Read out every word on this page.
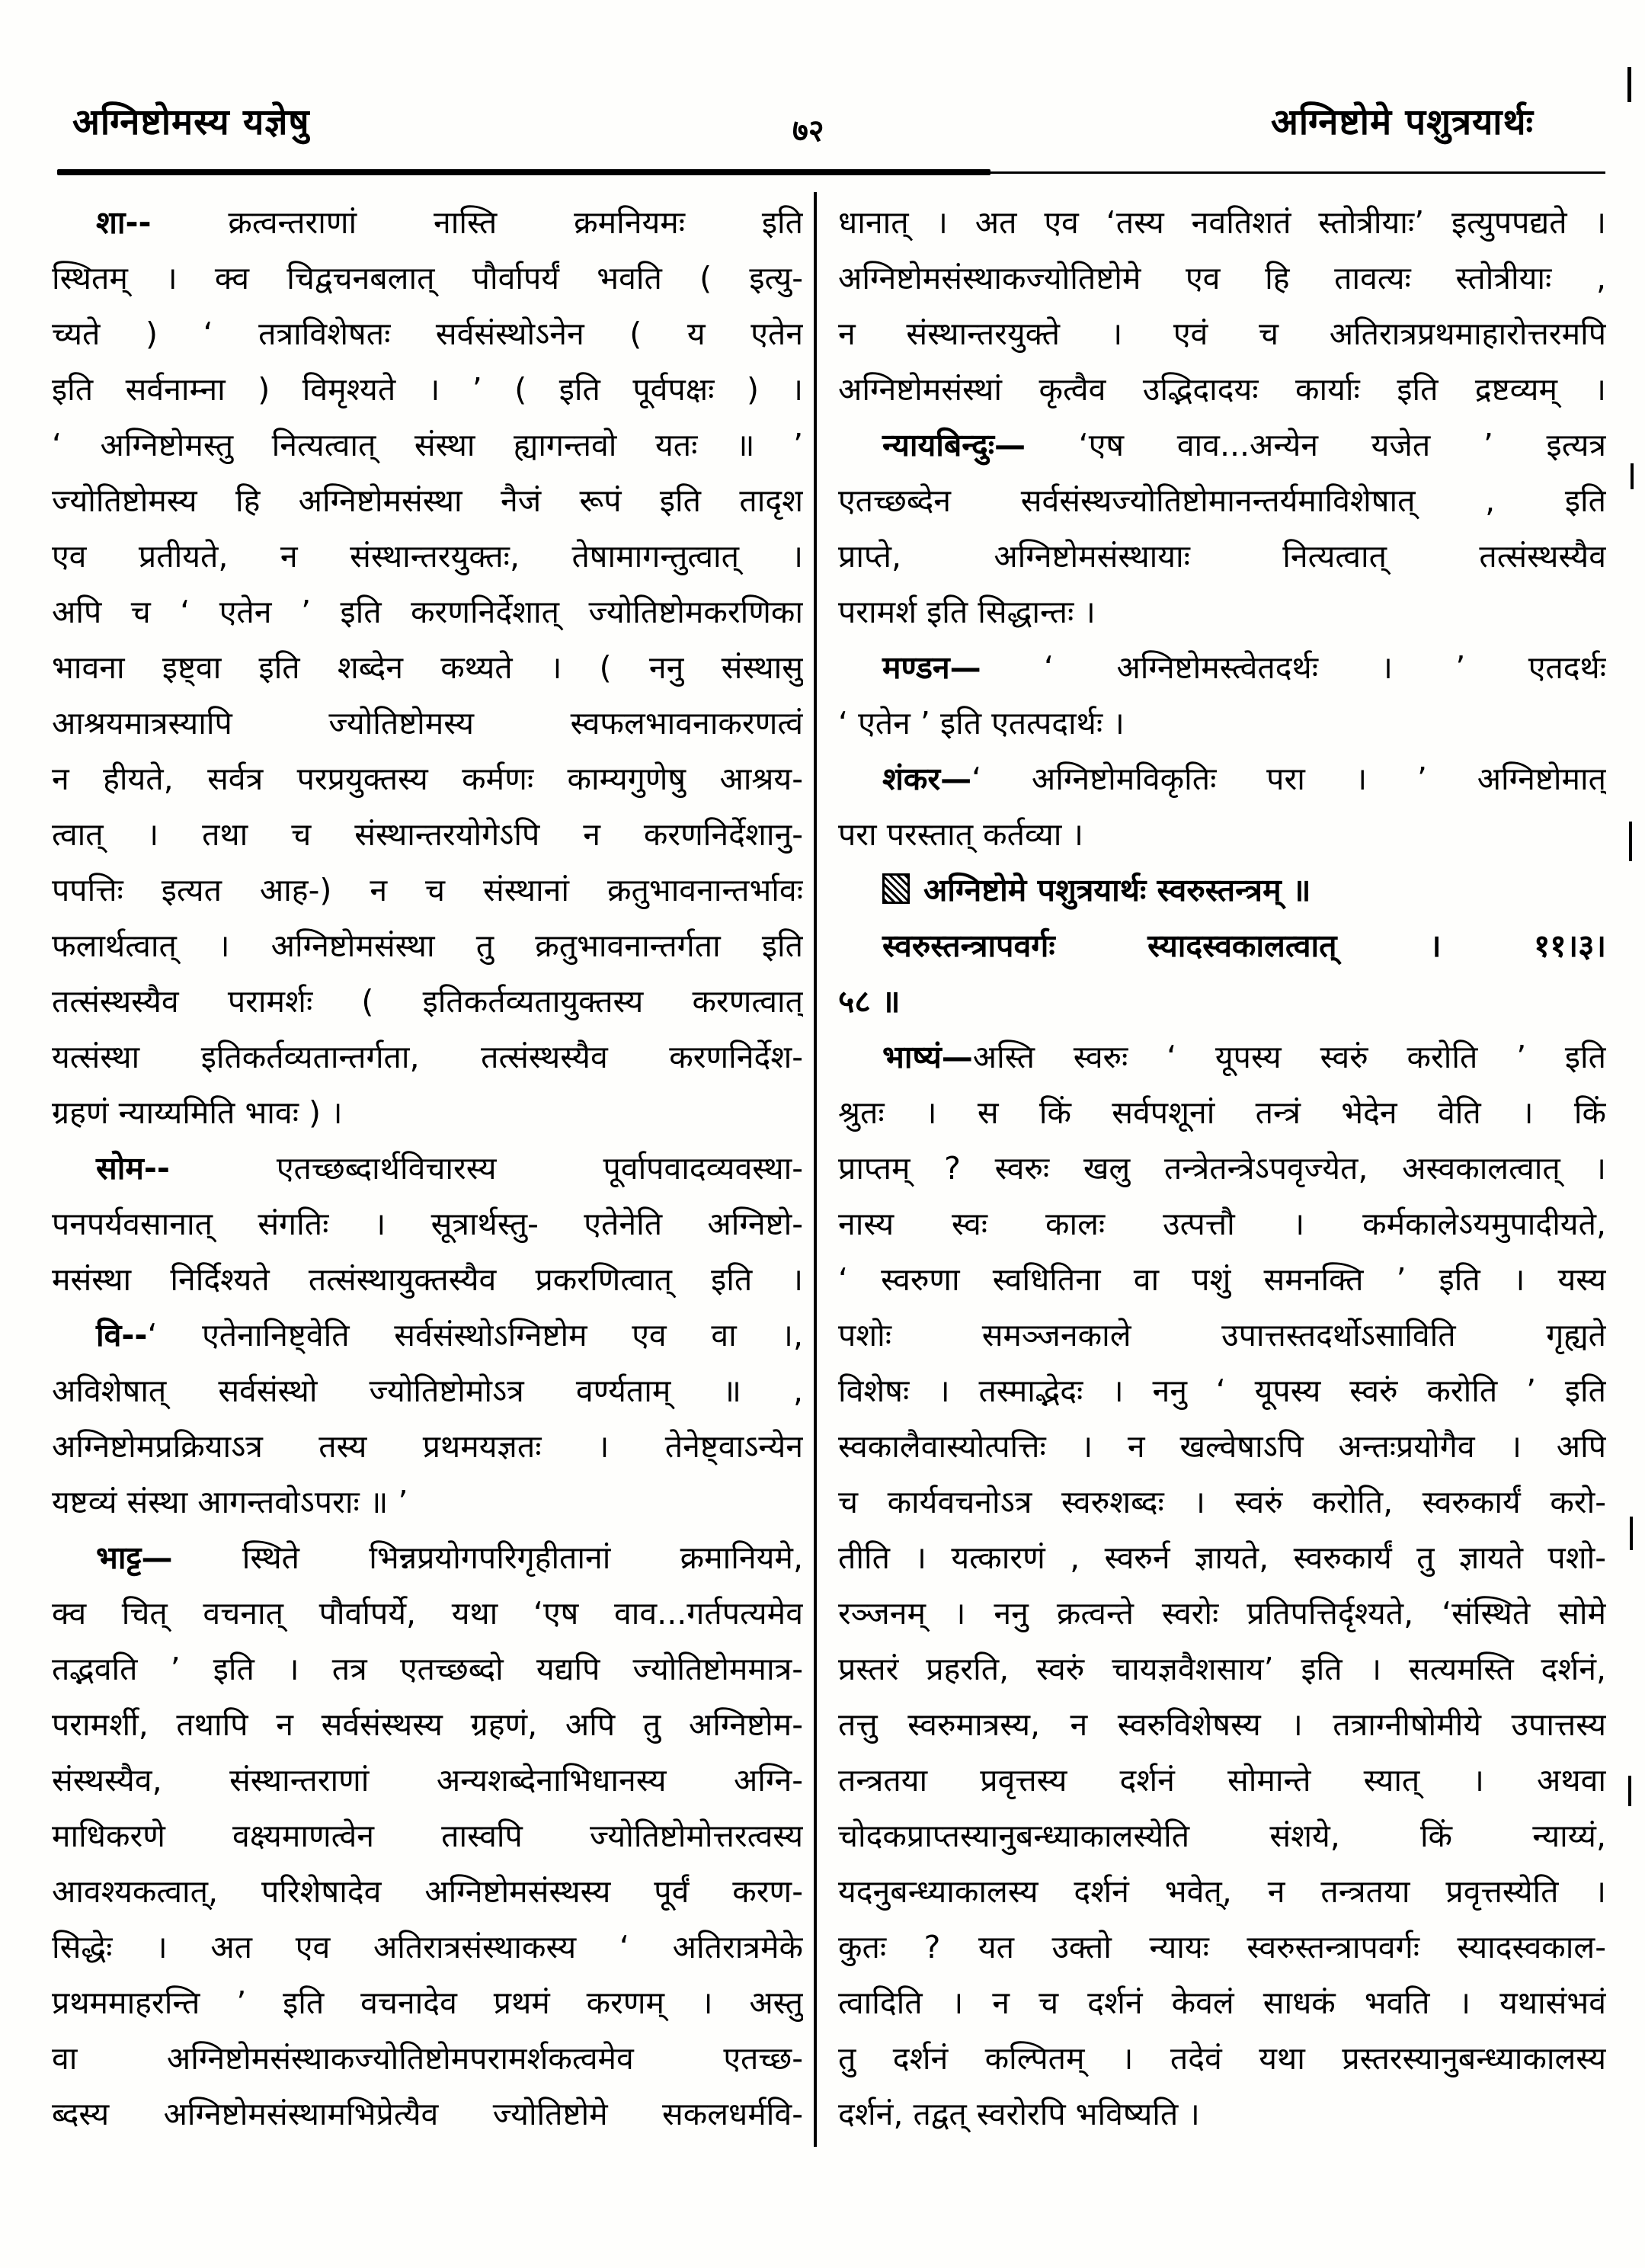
अग्निष्टोमस्य यज्ञेषु	७२	अग्निष्टोमे पशुत्रयार्थः
शा-- क्रत्वन्तराणां नास्ति क्रमनियमः इति
स्थितम् । क्व चिद्वचनबलात् पौर्वापर्यं भवति ( इत्यु-
च्यते ) ‘ तत्राविशेषतः सर्वसंस्थोऽनेन ( य एतेन
इति सर्वनाम्ना ) विमृश्यते । ’ ( इति पूर्वपक्षः ) ।
‘ अग्निष्टोमस्तु नित्यत्वात् संस्था ह्यागन्तवो यतः ॥ ’
ज्योतिष्टोमस्य हि अग्निष्टोमसंस्था नैजं रूपं इति तादृश
एव प्रतीयते, न संस्थान्तरयुक्तः, तेषामागन्तुत्वात् ।
अपि च ‘ एतेन ’ इति करणनिर्देशात् ज्योतिष्टोमकरणिका
भावना इष्ट्वा इति शब्देन कथ्यते । ( ननु संस्थासु
आश्रयमात्रस्यापि ज्योतिष्टोमस्य स्वफलभावनाकरणत्वं
न हीयते, सर्वत्र परप्रयुक्तस्य कर्मणः काम्यगुणेषु आश्रय-
त्वात् । तथा च संस्थान्तरयोगेऽपि न करणनिर्देशानु-
पपत्तिः इत्यत आह-) न च संस्थानां क्रतुभावनान्तर्भावः
फलार्थत्वात् । अग्निष्टोमसंस्था तु क्रतुभावनान्तर्गता इति
तत्संस्थस्यैव परामर्शः ( इतिकर्तव्यतायुक्तस्य करणत्वात्
यत्संस्था इतिकर्तव्यतान्तर्गता, तत्संस्थस्यैव करणनिर्देश-
ग्रहणं न्याय्यमिति भावः ) ।
सोम-- एतच्छब्दार्थविचारस्य पूर्वापवादव्यवस्था-
पनपर्यवसानात् संगतिः । सूत्रार्थस्तु- एतेनेति अग्निष्टो-
मसंस्था निर्दिश्यते तत्संस्थायुक्तस्यैव प्रकरणित्वात् इति ।
वि--‘ एतेनानिष्ट्वेति सर्वसंस्थोऽग्निष्टोम एव वा ।,
अविशेषात् सर्वसंस्थो ज्योतिष्टोमोऽत्र वर्ण्यताम् ॥ ,
अग्निष्टोमप्रक्रियाऽत्र तस्य प्रथमयज्ञतः । तेनेष्ट्वाऽन्येन
यष्टव्यं संस्था आगन्तवोऽपराः ॥ ’
भाट्ट— स्थिते भिन्नप्रयोगपरिगृहीतानां क्रमानियमे,
क्व चित् वचनात् पौर्वापर्ये, यथा ‘एष वाव...गर्तपत्यमेव
तद्भवति ’ इति । तत्र एतच्छब्दो यद्यपि ज्योतिष्टोममात्र-
परामर्शी, तथापि न सर्वसंस्थस्य ग्रहणं, अपि तु अग्निष्टोम-
संस्थस्यैव, संस्थान्तराणां अन्यशब्देनाभिधानस्य अग्नि-
माधिकरणे वक्ष्यमाणत्वेन तास्वपि ज्योतिष्टोमोत्तरत्वस्य
आवश्यकत्वात्, परिशेषादेव अग्निष्टोमसंस्थस्य पूर्वं करण-
सिद्धेः । अत एव अतिरात्रसंस्थाकस्य ‘ अतिरात्रमेके
प्रथममाहरन्ति ’ इति वचनादेव प्रथमं करणम् । अस्तु
वा अग्निष्टोमसंस्थाकज्योतिष्टोमपरामर्शकत्वमेव एतच्छ-
ब्दस्य अग्निष्टोमसंस्थामभिप्रेत्यैव ज्योतिष्टोमे सकलधर्मवि-
धानात् । अत एव ‘तस्य नवतिशतं स्तोत्रीयाः’ इत्युपपद्यते ।
अग्निष्टोमसंस्थाकज्योतिष्टोमे एव हि तावत्यः स्तोत्रीयाः ,
न संस्थान्तरयुक्ते । एवं च अतिरात्रप्रथमाहारोत्तरमपि
अग्निष्टोमसंस्थां कृत्वैव उद्भिदादयः कार्याः इति द्रष्टव्यम् ।
न्यायबिन्दुः— ‘एष वाव...अन्येन यजेत ’ इत्यत्र
एतच्छब्देन सर्वसंस्थज्योतिष्टोमानन्तर्यमाविशेषात् , इति
प्राप्ते, अग्निष्टोमसंस्थायाः नित्यत्वात् तत्संस्थस्यैव
परामर्श इति सिद्धान्तः ।
मण्डन— ‘ अग्निष्टोमस्त्वेतदर्थः । ’ एतदर्थः
‘ एतेन ’ इति एतत्पदार्थः ।
शंकर—‘ अग्निष्टोमविकृतिः परा । ’ अग्निष्टोमात्
परा परस्तात् कर्तव्या ।
अग्निष्टोमे पशुत्रयार्थः स्वरुस्तन्त्रम् ॥
स्वरुस्तन्त्रापवर्गः स्यादस्वकालत्वात् । ११।३।
५८ ॥
भाष्यं—अस्ति स्वरुः ‘ यूपस्य स्वरुं करोति ’ इति
श्रुतः । स किं सर्वपशूनां तन्त्रं भेदेन वेति । किं
प्राप्तम् ? स्वरुः खलु तन्त्रेतन्त्रेऽपवृज्येत, अस्वकालत्वात् ।
नास्य स्वः कालः उत्पत्तौ । कर्मकालेऽयमुपादीयते,
‘ स्वरुणा स्वधितिना वा पशुं समनक्ति ’ इति । यस्य
पशोः समञ्जनकाले उपात्तस्तदर्थोऽसाविति गृह्यते
विशेषः । तस्माद्भेदः । ननु ‘ यूपस्य स्वरुं करोति ’ इति
स्वकालैवास्योत्पत्तिः । न खल्वेषाऽपि अन्तःप्रयोगैव । अपि
च कार्यवचनोऽत्र स्वरुशब्दः । स्वरुं करोति, स्वरुकार्यं करो-
तीति । यत्कारणं , स्वरुर्न ज्ञायते, स्वरुकार्यं तु ज्ञायते पशो-
रञ्जनम् । ननु क्रत्वन्ते स्वरोः प्रतिपत्तिर्दृश्यते, ‘संस्थिते सोमे
प्रस्तरं प्रहरति, स्वरुं चायज्ञवैशसाय’ इति । सत्यमस्ति दर्शनं,
तत्तु स्वरुमात्रस्य, न स्वरुविशेषस्य । तत्राग्नीषोमीये उपात्तस्य
तन्त्रतया प्रवृत्तस्य दर्शनं सोमान्ते स्यात् । अथवा
चोदकप्राप्तस्यानुबन्ध्याकालस्येति संशये, किं न्याय्यं,
यदनुबन्ध्याकालस्य दर्शनं भवेत्, न तन्त्रतया प्रवृत्तस्येति ।
कुतः ? यत उक्तो न्यायः स्वरुस्तन्त्रापवर्गः स्यादस्वकाल-
त्वादिति । न च दर्शनं केवलं साधकं भवति । यथासंभवं
तु दर्शनं कल्पितम् । तदेवं यथा प्रस्तरस्यानुबन्ध्याकालस्य
दर्शनं, तद्वत् स्वरोरपि भविष्यति ।
